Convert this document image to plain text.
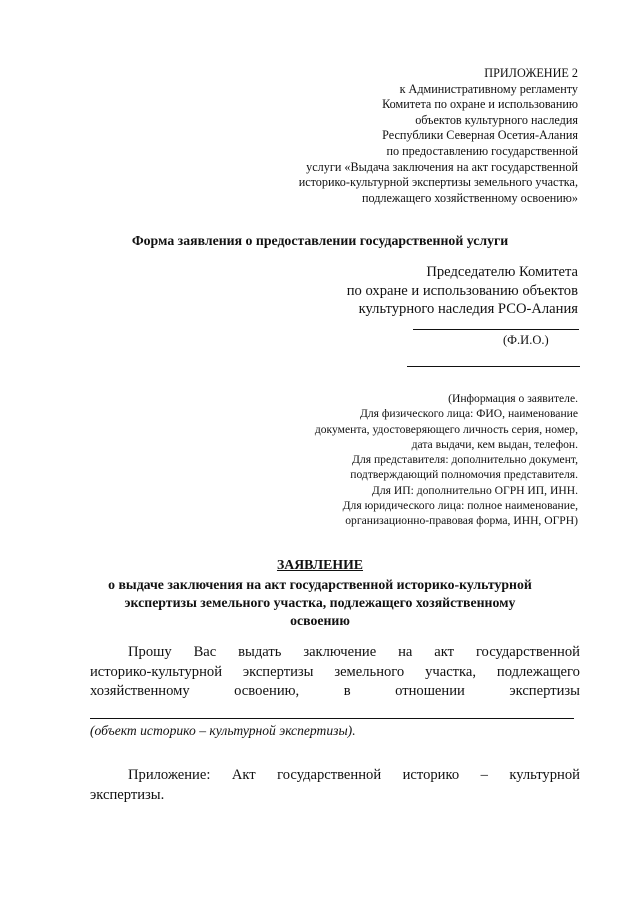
ПРИЛОЖЕНИЕ 2
к Административному регламенту
Комитета по охране и использованию
объектов культурного наследия
Республики Северная Осетия-Алания
по предоставлению государственной
услуги «Выдача заключения на акт государственной
историко-культурной экспертизы земельного участка,
подлежащего хозяйственному освоению»
Форма заявления о предоставлении государственной услуги
Председателю Комитета
по охране и использованию объектов
культурного наследия РСО-Алания
(Ф.И.О.)
(Информация о заявителе.
Для физического лица: ФИО, наименование
документа, удостоверяющего личность серия, номер,
дата выдачи, кем выдан, телефон.
Для представителя: дополнительно документ,
подтверждающий полномочия представителя.
Для ИП: дополнительно ОГРН ИП, ИНН.
Для юридического лица: полное наименование,
организационно-правовая форма, ИНН, ОГРН)
ЗАЯВЛЕНИЕ
о выдаче заключения на акт государственной историко-культурной
экспертизы земельного участка, подлежащего хозяйственному
освоению
Прошу Вас выдать заключение на акт государственной
историко-культурной экспертизы земельного участка, подлежащего
хозяйственному	освоению,	в	отношении	экспертизы
(объект историко – культурной экспертизы).
Приложение: Акт государственной историко – культурной
экспертизы.
